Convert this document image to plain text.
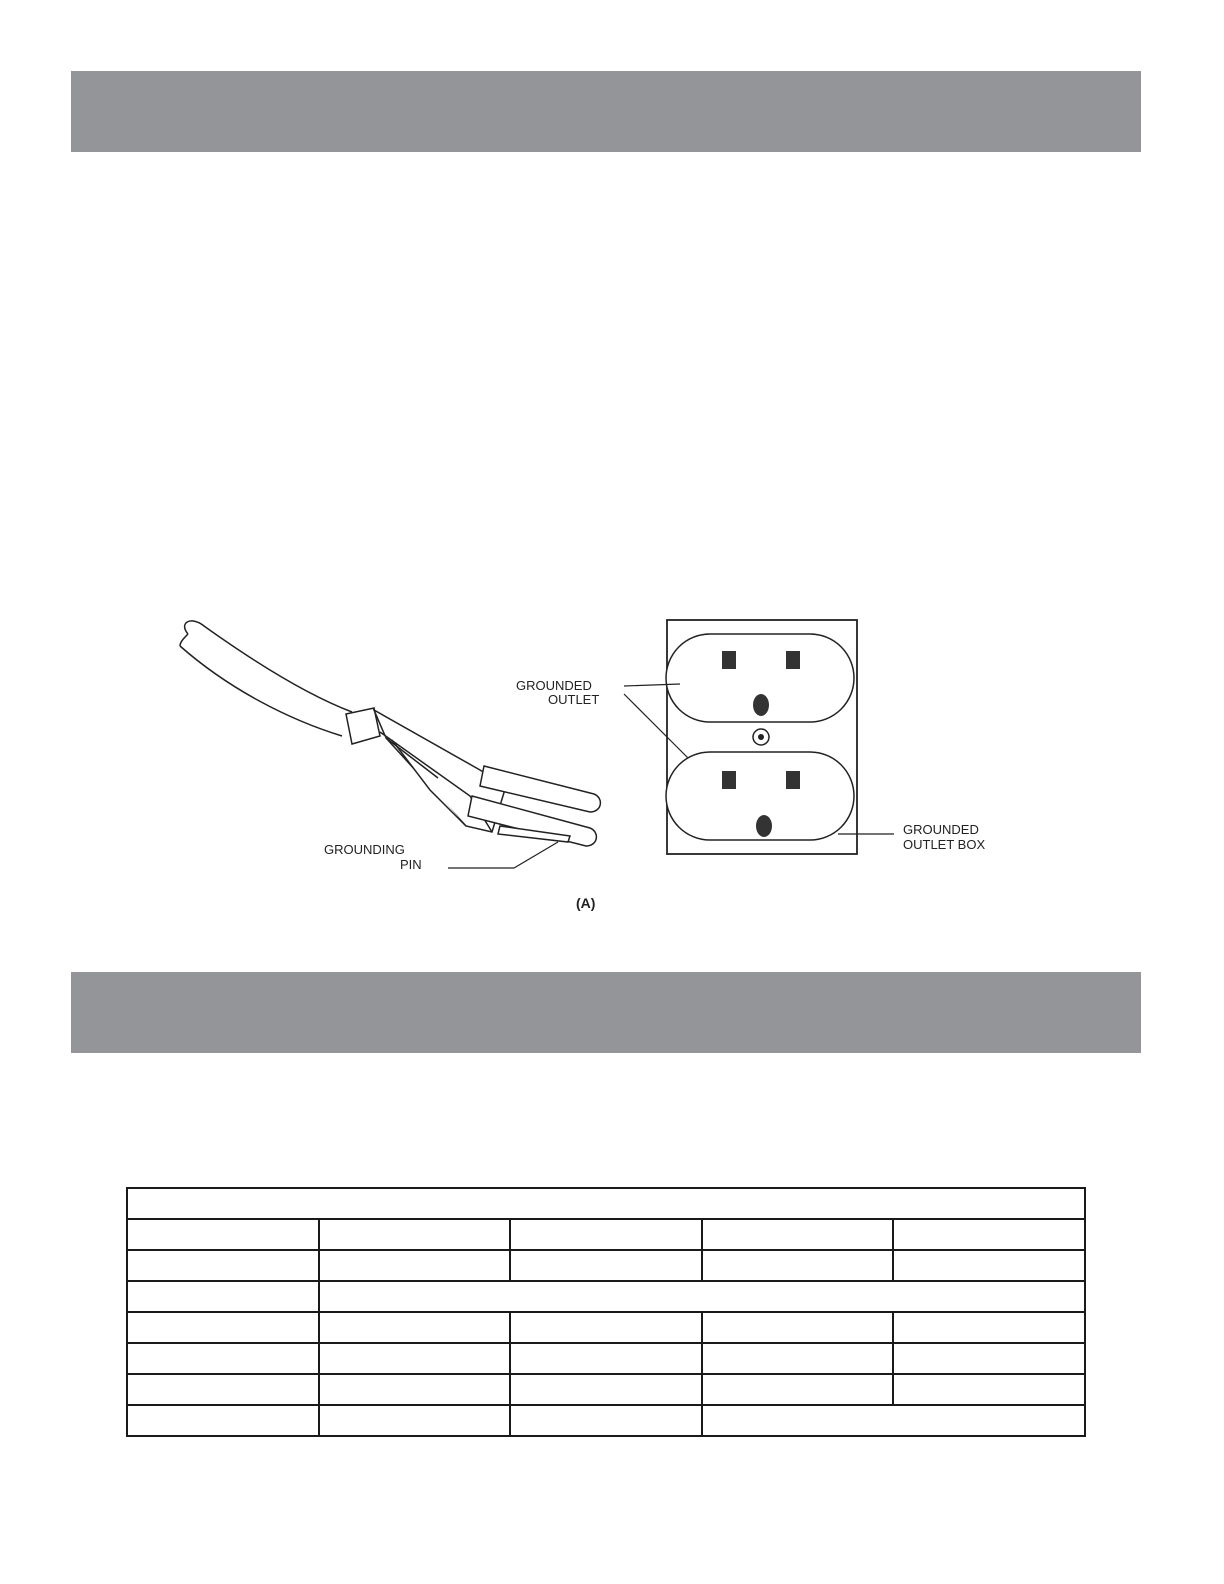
GROUNDING
PIN
GROUNDED
OUTLET
GROUNDED
OUTLET BOX
(A)
